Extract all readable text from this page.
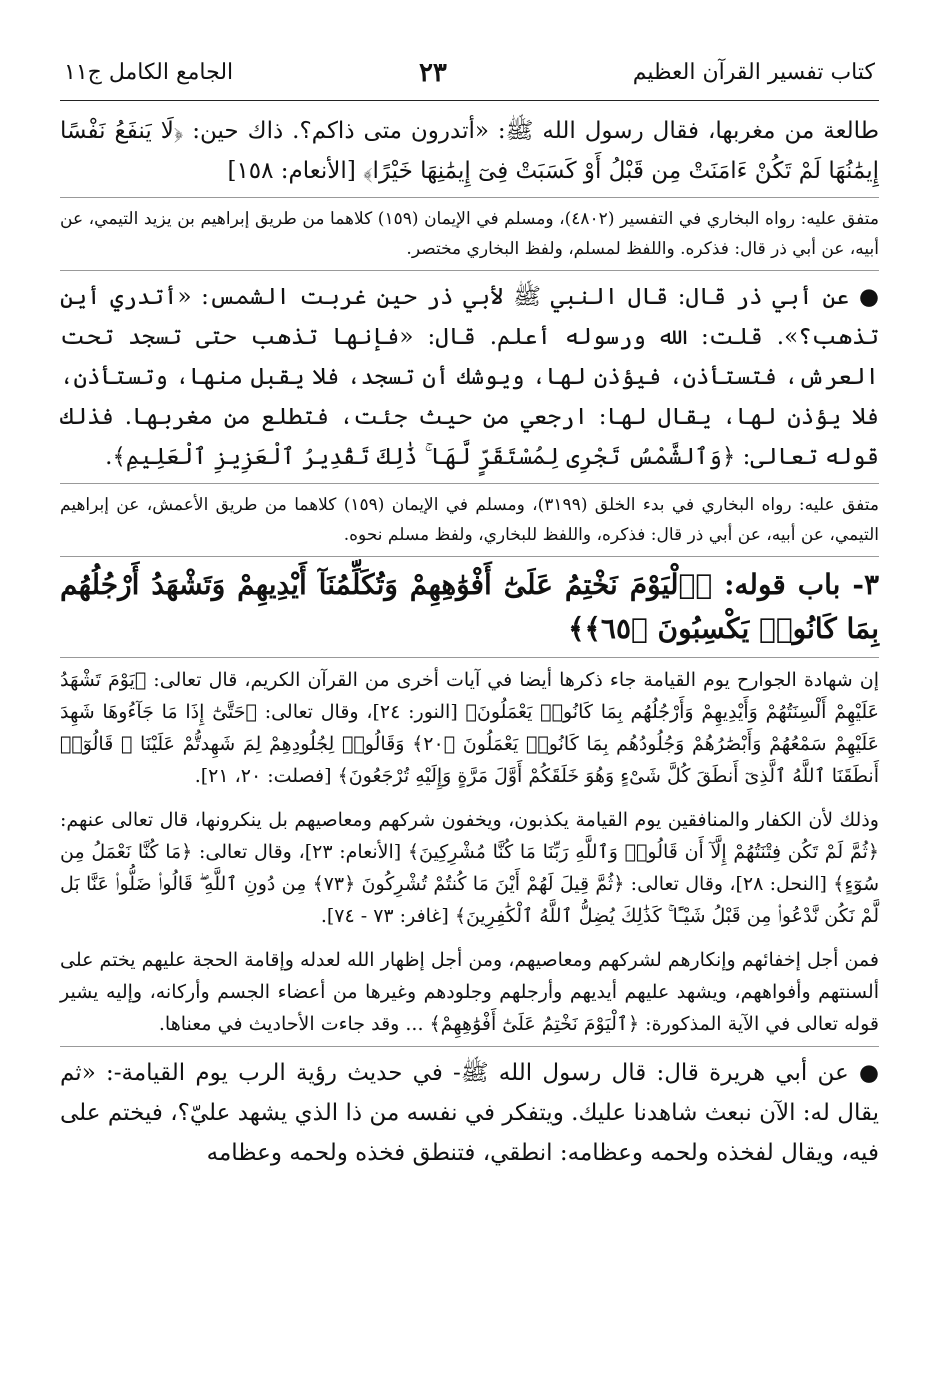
كتاب تفسير القرآن العظيم
٢٣
الجامع الكامل ج١١

طالعة من مغربها، فقال رسول الله ﷺ: «أتدرون متى ذاكم؟. ذاك حين: ﴿لَا يَنفَعُ نَفْسًا إِيمَٰنُهَا لَمْ تَكُنْ ءَامَنَتْ مِن قَبْلُ أَوْ كَسَبَتْ فِىٓ إِيمَٰنِهَا خَيْرًا﴾ [الأنعام: ١٥٨]

متفق عليه: رواه البخاري في التفسير (٤٨٠٢)، ومسلم في الإيمان (١٥٩) كلاهما من طريق إبراهيم بن يزيد التيمي، عن أبيه، عن أبي ذر قال: فذكره. واللفظ لمسلم، ولفظ البخاري مختصر.

● عن أبي ذر قال: قال النبي ﷺ لأبي ذر حين غربت الشمس: «أتدري أين تذهب؟». قلت: الله ورسوله أعلم. قال: «فإنها تذهب حتى تسجد تحت العرش، فتستأذن، فيؤذن لها، ويوشك أن تسجد، فلا يقبل منها، وتستأذن، فلا يؤذن لها، يقال لها: ارجعي من حيث جئت، فتطلع من مغربها. فذلك قوله تعالى: ﴿وَٱلشَّمْسُ تَجْرِى لِمُسْتَقَرٍّ لَّهَا ۚ ذَٰلِكَ تَقْدِيرُ ٱلْعَزِيزِ ٱلْعَلِيمِ﴾.

متفق عليه: رواه البخاري في بدء الخلق (٣١٩٩)، ومسلم في الإيمان (١٥٩) كلاهما من طريق الأعمش، عن إبراهيم التيمي، عن أبيه، عن أبي ذر قال: فذكره، واللفظ للبخاري، ولفظ مسلم نحوه.

٣- باب قوله: ﴿ٱلْيَوْمَ نَخْتِمُ عَلَىٰٓ أَفْوَٰهِهِمْ وَتُكَلِّمُنَآ أَيْدِيهِمْ وَتَشْهَدُ أَرْجُلُهُم بِمَا كَانُوا۟ يَكْسِبُونَ ﴿٦٥﴾﴾

إن شهادة الجوارح يوم القيامة جاء ذكرها أيضا في آيات أخرى من القرآن الكريم، قال تعالى: ﴿يَوْمَ تَشْهَدُ عَلَيْهِمْ أَلْسِنَتُهُمْ وَأَيْدِيهِمْ وَأَرْجُلُهُم بِمَا كَانُوا۟ يَعْمَلُونَ﴾ [النور: ٢٤]، وقال تعالى: ﴿حَتَّىٰٓ إِذَا مَا جَآءُوهَا شَهِدَ عَلَيْهِمْ سَمْعُهُمْ وَأَبْصَٰرُهُمْ وَجُلُودُهُم بِمَا كَانُوا۟ يَعْمَلُونَ ﴿٢٠﴾ وَقَالُوا۟ لِجُلُودِهِمْ لِمَ شَهِدتُّمْ عَلَيْنَا ۖ قَالُوٓا۟ أَنطَقَنَا ٱللَّهُ ٱلَّذِىٓ أَنطَقَ كُلَّ شَىْءٍ وَهُوَ خَلَقَكُمْ أَوَّلَ مَرَّةٍ وَإِلَيْهِ تُرْجَعُونَ﴾ [فصلت: ٢٠، ٢١].

وذلك لأن الكفار والمنافقين يوم القيامة يكذبون، ويخفون شركهم ومعاصيهم بل ينكرونها، قال تعالى عنهم: ﴿ثُمَّ لَمْ تَكُن فِتْنَتُهُمْ إِلَّآ أَن قَالُوا۟ وَٱللَّهِ رَبِّنَا مَا كُنَّا مُشْرِكِينَ﴾ [الأنعام: ٢٣]، وقال تعالى: ﴿مَا كُنَّا نَعْمَلُ مِن سُوٓءٍ﴾ [النحل: ٢٨]، وقال تعالى: ﴿ثُمَّ قِيلَ لَهُمْ أَيْنَ مَا كُنتُمْ تُشْرِكُونَ ﴿٧٣﴾ مِن دُونِ ٱللَّهِ ۖ قَالُوا۟ ضَلُّوا۟ عَنَّا بَل لَّمْ نَكُن نَّدْعُوا۟ مِن قَبْلُ شَيْـًٔا ۚ كَذَٰلِكَ يُضِلُّ ٱللَّهُ ٱلْكَٰفِرِينَ﴾ [غافر: ٧٣ - ٧٤].

فمن أجل إخفائهم وإنكارهم لشركهم ومعاصيهم، ومن أجل إظهار الله لعدله وإقامة الحجة عليهم يختم على ألسنتهم وأفواههم، ويشهد عليهم أيديهم وأرجلهم وجلودهم وغيرها من أعضاء الجسم وأركانه، وإليه يشير قوله تعالى في الآية المذكورة: ﴿ٱلْيَوْمَ نَخْتِمُ عَلَىٰٓ أَفْوَٰهِهِمْ﴾ ... وقد جاءت الأحاديث في معناها.

● عن أبي هريرة قال: قال رسول الله ﷺ- في حديث رؤية الرب يوم القيامة-: «ثم يقال له: الآن نبعث شاهدنا عليك. ويتفكر في نفسه من ذا الذي يشهد عليّ؟، فيختم على فيه، ويقال لفخذه ولحمه وعظامه: انطقي، فتنطق فخذه ولحمه وعظامه
